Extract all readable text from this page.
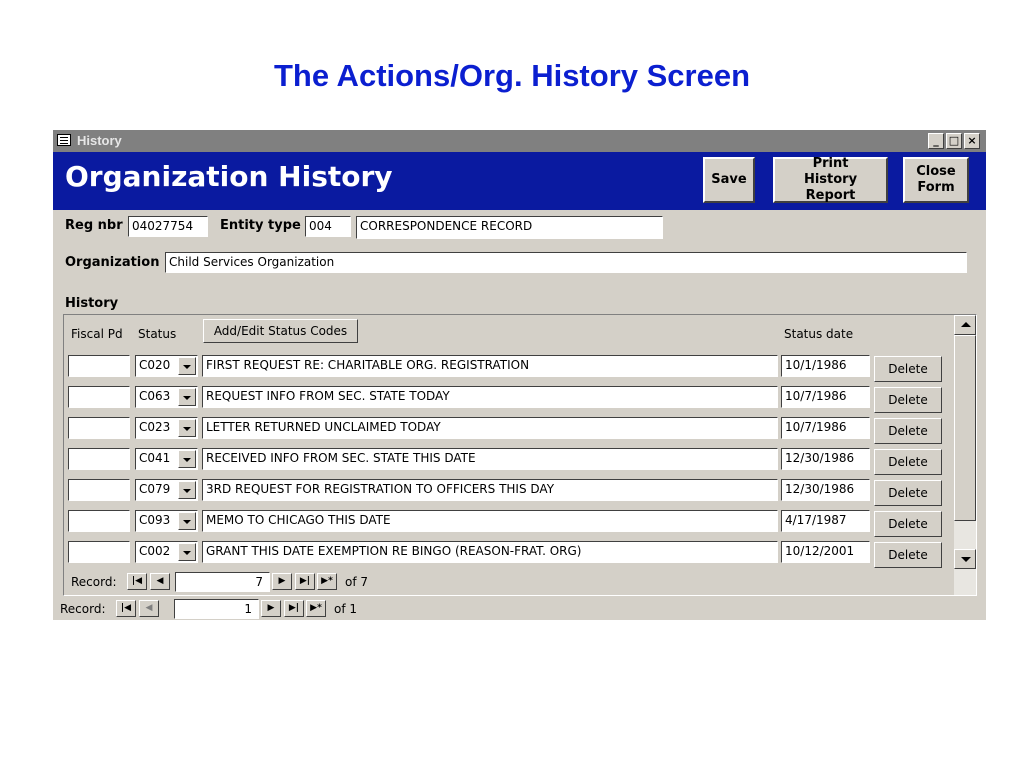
The Actions/Org. History Screen
History	_ □ ×
Organization History	Save
Print History Report
Close Form
Reg nbr 04027754	Entity type 004	CORRESPONDENCE RECORD
Organization Child Services Organization
History
Fiscal Pd Status	Add/Edit Status Codes	Status date
C020	FIRST REQUEST RE: CHARITABLE ORG. REGISTRATION	10/1/1986	Delete
C063	REQUEST INFO FROM SEC. STATE TODAY	10/7/1986	Delete
C023	LETTER RETURNED UNCLAIMED TODAY	10/7/1986	Delete
C041	RECEIVED INFO FROM SEC. STATE THIS DATE	12/30/1986	Delete
C079	3RD REQUEST FOR REGISTRATION TO OFFICERS THIS DAY	12/30/1986	Delete
C093	MEMO TO CHICAGO THIS DATE	4/17/1987	Delete
C002	GRANT THIS DATE EXEMPTION RE BINGO (REASON-FRAT. ORG)	10/12/2001	Delete
Record:	|◀	◀	7	▶	▶|	▶*	of 7
Record:	|◀	◀	1	▶	▶|	▶*	of 1
